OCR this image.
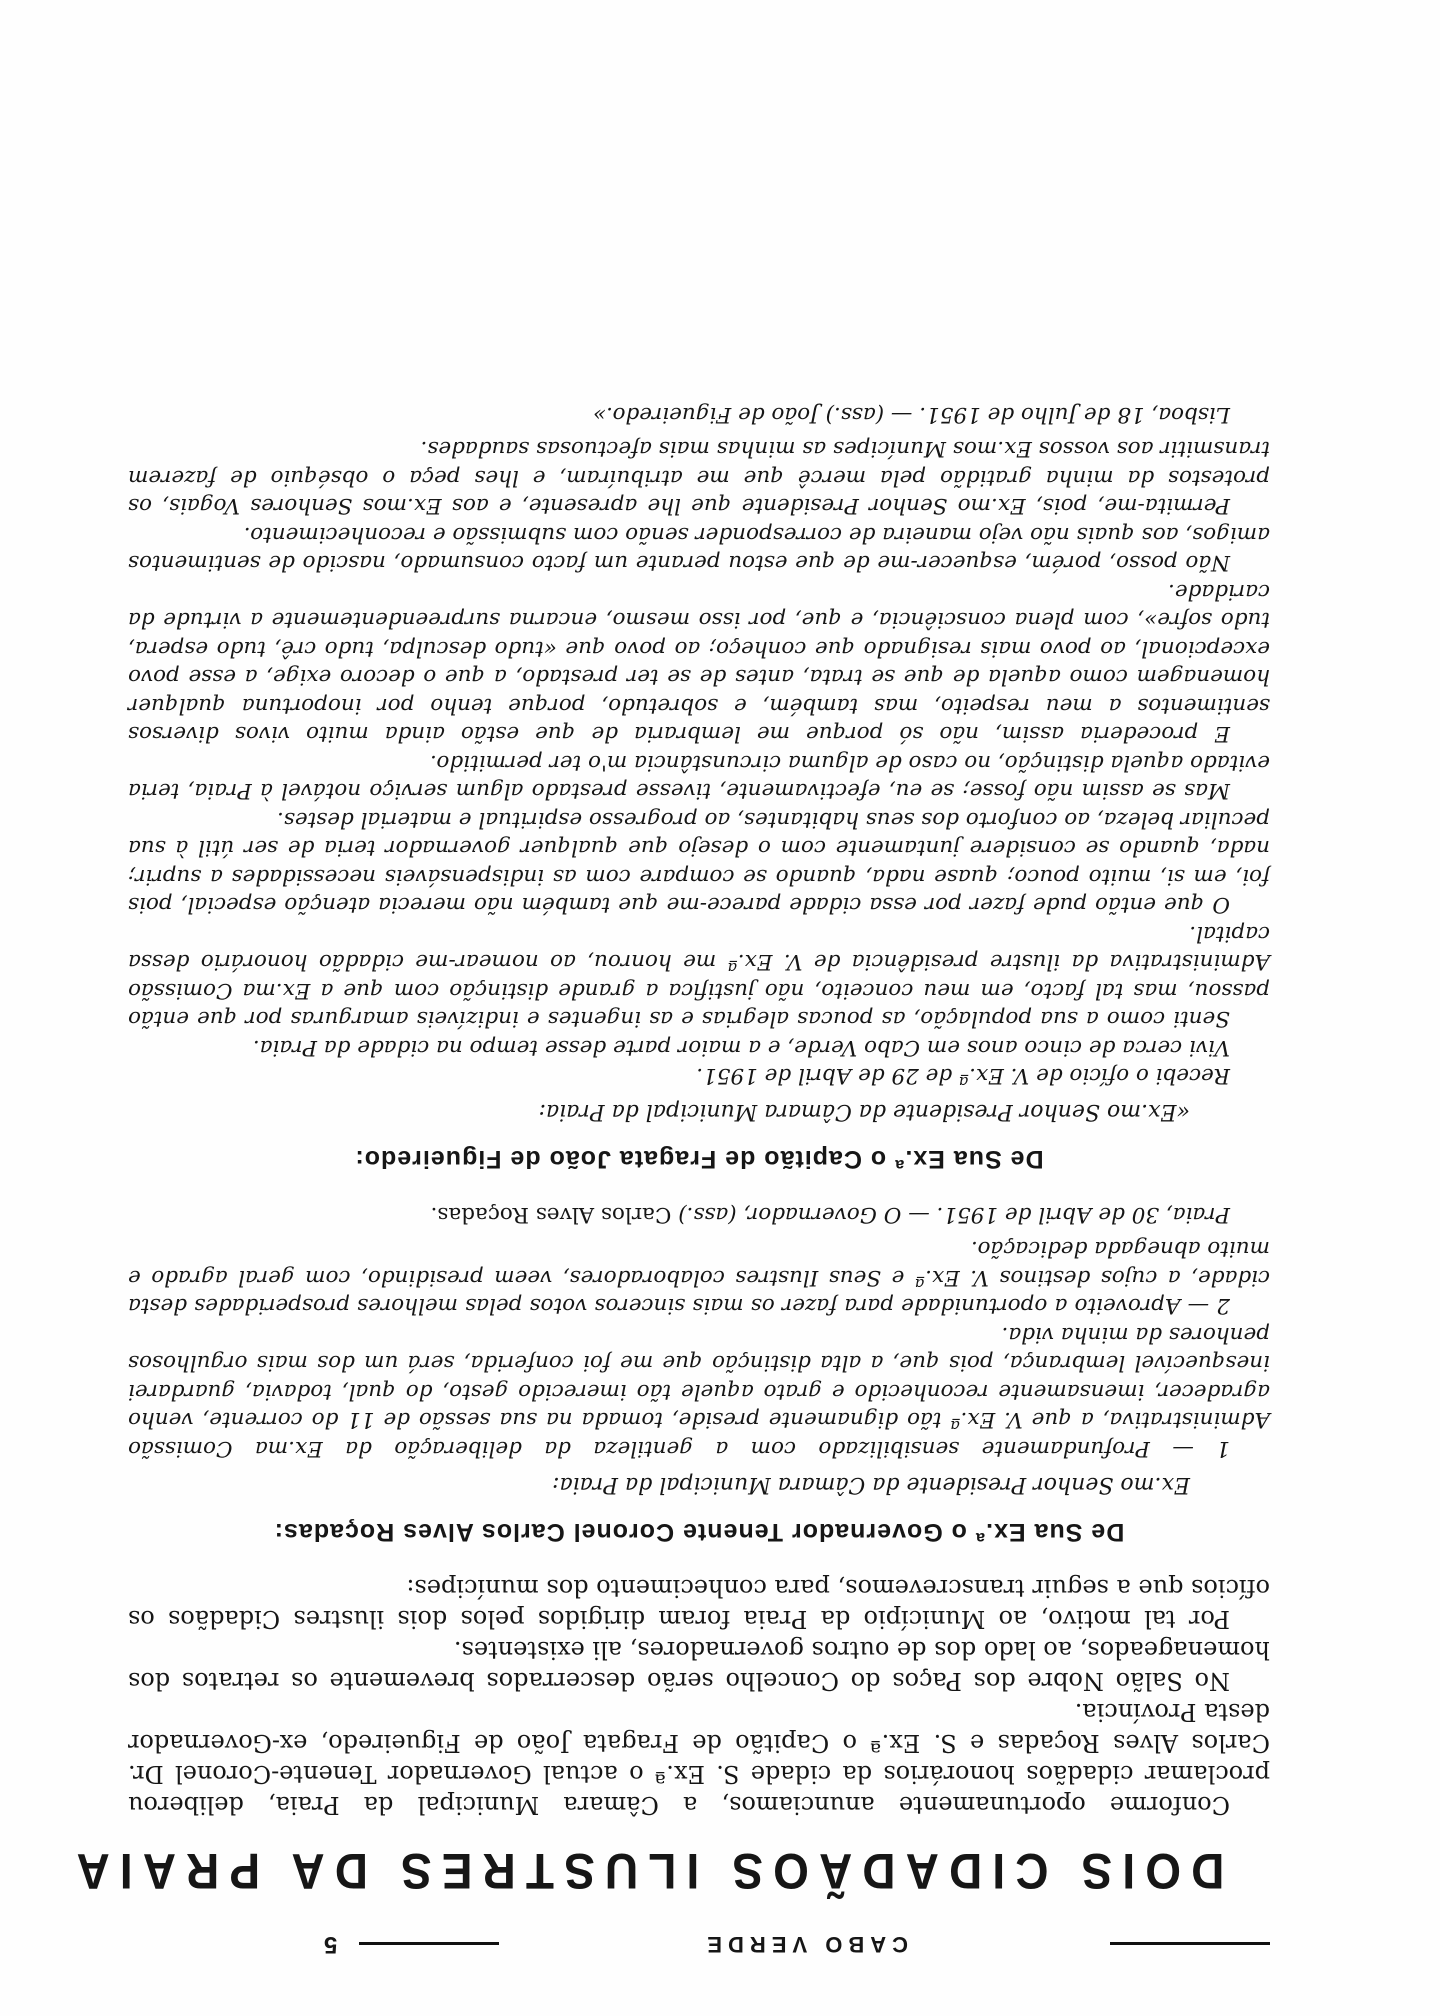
CABO VERDE
5
DOIS CIDADÃOS ILUSTRES DA PRAIA

Conforme oportunamente anunciamos, a Câmara Municipal da Praia, deliberou proclamar cidadãos honorários da cidade S. Ex.ª o actual Governador Tenente-Coronel Dr. Carlos Alves Roçadas e S. Ex.ª o Capitão de Fragata João de Figueiredo, ex-Governador desta Província.

No Salão Nobre dos Paços do Concelho serão descerrados brevemente os retratos dos homenageados, ao lado dos de outros governadores, ali existentes.

Por tal motivo, ao Município da Praia foram dirigidos pelos dois ilustres Cidadãos os ofícios que a seguir transcrevemos, para conhecimento dos munícipes:

De Sua Ex.ª o Governador Tenente Coronel Carlos Alves Roçadas:
Ex.mo Senhor Presidente da Câmara Municipal da Praia:

1 — Profundamente sensibilizado com a gentileza da deliberação da Ex.ma Comissão Administrativa, a que V. Ex.ª tão dignamente preside, tomada na sua sessão de 11 do corrente, venho agradecer, imensamente reconhecido e grato aquele tão imerecido gesto, do qual, todavia, guardarei inesquecível lembrança, pois que, a alta distinção que me foi conferida, será um dos mais orgulhosos penhores da minha vida.

2 — Aproveito a oportunidade para fazer os mais sinceros votos pelas melhores prosperidades desta cidade, a cujos destinos V. Ex.ª e Seus Ilustres colaboradores, veem presidindo, com geral agrado e muito abnegada dedicação.

Praia, 30 de Abril de 1951. — O Governador, (ass.) Carlos Alves Roçadas.

De Sua Ex.ª o Capitão de Fragata João de Figueiredo:
«Ex.mo Senhor Presidente da Câmara Municipal da Praia:

Recebi o ofício de V. Ex.ª de 29 de Abril de 1951.

Vivi cerca de cinco anos em Cabo Verde, e a maior parte desse tempo na cidade da Praia.

Senti como a sua população, as poucas alegrias e as ingentes e indizíveis amarguras por que então passou, mas tal facto, em meu conceito, não justifica a grande distinção com que a Ex.ma Comissão Administrativa da ilustre presidência de V. Ex.ª me honrou, ao nomear-me cidadão honorário dessa capital.

O que então pude fazer por essa cidade parece-me que também não merecia atenção especial, pois foi, em si, muito pouco; quase nada, quando se compare com as indispensáveis necessidades a suprir; nada, quando se considere juntamente com o desejo que qualquer governador teria de ser útil à sua peculiar beleza, ao conforto dos seus habitantes, ao progresso espiritual e material destes.

Mas se assim não fosse; se eu, efectivamente, tivesse prestado algum serviço notável à Praia, teria evitado aquela distinção, no caso de alguma circunstância m'o ter permitido.

E procederia assim, não só porque me lembraria de que estão ainda muito vivos diversos sentimentos a meu respeito, mas também, e sobretudo, porque tenho por inoportuna qualquer homenagem como aquela de que se trata, antes de se ter prestado, a que o decoro exige, a esse povo excepcional, ao povo mais resignado que conheço; ao povo que «tudo desculpa, tudo crê, tudo espera, tudo sofre», com plena consciência, e que, por isso mesmo, encarna surpreendentemente a virtude da caridade.

Não posso, porém, esquecer-me de que estou perante um facto consumado, nascido de sentimentos amigos, aos quais não vejo maneira de corresponder senão com submissão e reconhecimento.

Permita-me, pois, Ex.mo Senhor Presidente que lhe apresente, e aos Ex.mos Senhores Vogais, os protestos da minha gratidão pela mercê que me atribuíram, e lhes peça o obséquio de fazerem transmitir aos vossos Ex.mos Munícipes as minhas mais afectuosas saudades.

Lisboa, 18 de Julho de 1951. — (ass.) João de Figueiredo.»
